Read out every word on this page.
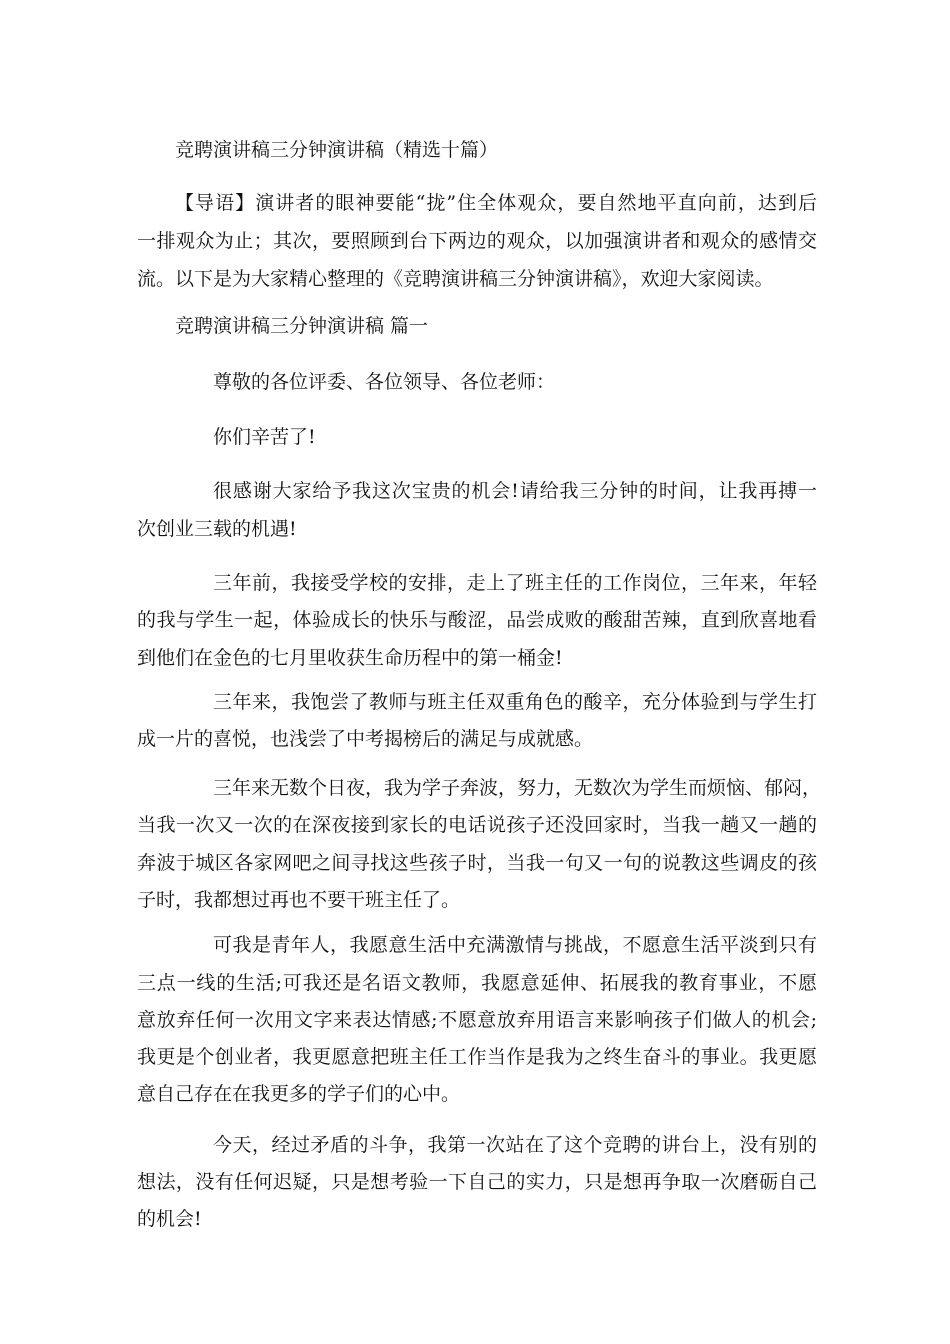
竞聘演讲稿三分钟演讲稿（精选十篇）
【导语】演讲者的眼神要能“拢”住全体观众，要自然地平直向前，达到后
一排观众为止；其次，要照顾到台下两边的观众，以加强演讲者和观众的感情交
流。以下是为大家精心整理的《竞聘演讲稿三分钟演讲稿》，欢迎大家阅读。
竞聘演讲稿三分钟演讲稿 篇一
尊敬的各位评委、各位领导、各位老师：
你们辛苦了!
很感谢大家给予我这次宝贵的机会!请给我三分钟的时间，让我再搏一
次创业三载的机遇!
三年前，我接受学校的安排，走上了班主任的工作岗位，三年来，年轻
的我与学生一起，体验成长的快乐与酸涩，品尝成败的酸甜苦辣，直到欣喜地看
到他们在金色的七月里收获生命历程中的第一桶金!
三年来，我饱尝了教师与班主任双重角色的酸辛，充分体验到与学生打
成一片的喜悦，也浅尝了中考揭榜后的满足与成就感。
三年来无数个日夜，我为学子奔波，努力，无数次为学生而烦恼、郁闷，
当我一次又一次的在深夜接到家长的电话说孩子还没回家时，当我一趟又一趟的
奔波于城区各家网吧之间寻找这些孩子时，当我一句又一句的说教这些调皮的孩
子时，我都想过再也不要干班主任了。
可我是青年人，我愿意生活中充满激情与挑战，不愿意生活平淡到只有
三点一线的生活;可我还是名语文教师，我愿意延伸、拓展我的教育事业，不愿
意放弃任何一次用文字来表达情感;不愿意放弃用语言来影响孩子们做人的机会;
我更是个创业者，我更愿意把班主任工作当作是我为之终生奋斗的事业。我更愿
意自己存在在我更多的学子们的心中。
今天，经过矛盾的斗争，我第一次站在了这个竞聘的讲台上，没有别的
想法，没有任何迟疑，只是想考验一下自己的实力，只是想再争取一次磨砺自己
的机会!
